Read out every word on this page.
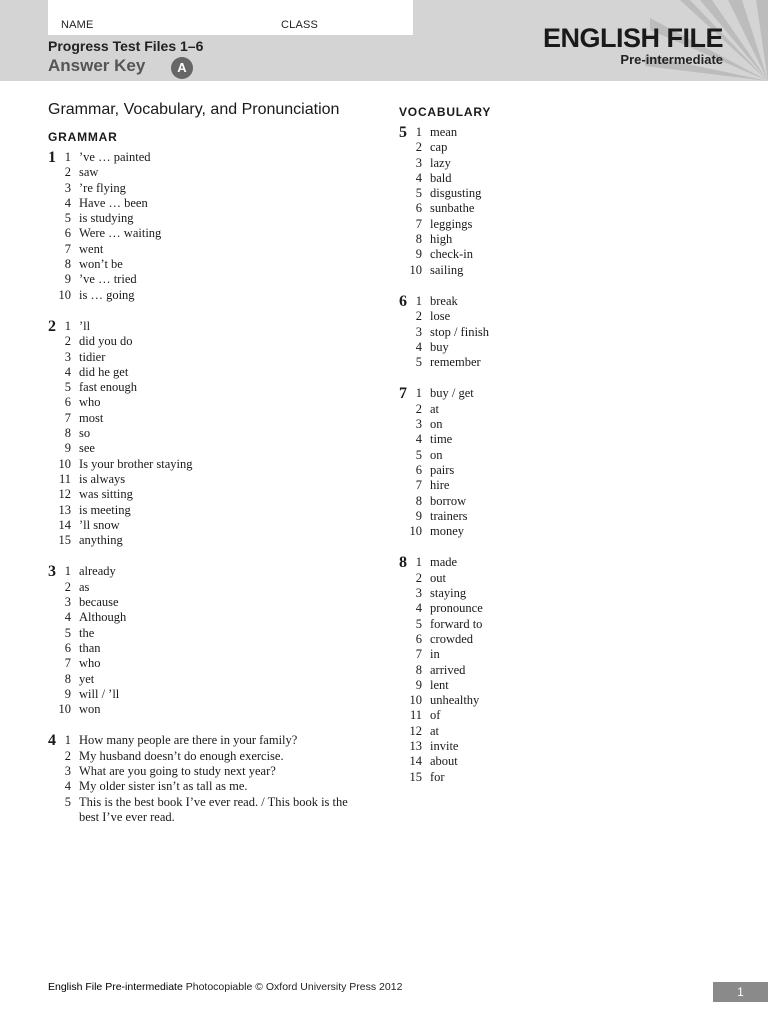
NAME	CLASS
Progress Test Files 1–6
Answer Key	A
ENGLISH FILE
Pre-intermediate
Grammar, Vocabulary, and Pronunciation
GRAMMAR
1 1 ’ve … painted
2 saw
3 ’re flying
4 Have … been
5 is studying
6 Were … waiting
7 went
8 won’t be
9 ’ve … tried
10 is … going
2 1 ’ll
2 did you do
3 tidier
4 did he get
5 fast enough
6 who
7 most
8 so
9 see
10 Is your brother staying
11 is always
12 was sitting
13 is meeting
14 ’ll snow
15 anything
3 1 already
2 as
3 because
4 Although
5 the
6 than
7 who
8 yet
9 will / ’ll
10 won
4 1 How many people are there in your family?
2 My husband doesn’t do enough exercise.
3 What are you going to study next year?
4 My older sister isn’t as tall as me.
5 This is the best book I’ve ever read. / This book is the best I’ve ever read.
VOCABULARY
5 1 mean
2 cap
3 lazy
4 bald
5 disgusting
6 sunbathe
7 leggings
8 high
9 check-in
10 sailing
6 1 break
2 lose
3 stop / finish
4 buy
5 remember
7 1 buy / get
2 at
3 on
4 time
5 on
6 pairs
7 hire
8 borrow
9 trainers
10 money
8 1 made
2 out
3 staying
4 pronounce
5 forward to
6 crowded
7 in
8 arrived
9 lent
10 unhealthy
11 of
12 at
13 invite
14 about
15 for
English File Pre-intermediate Photocopiable © Oxford University Press 2012	1
